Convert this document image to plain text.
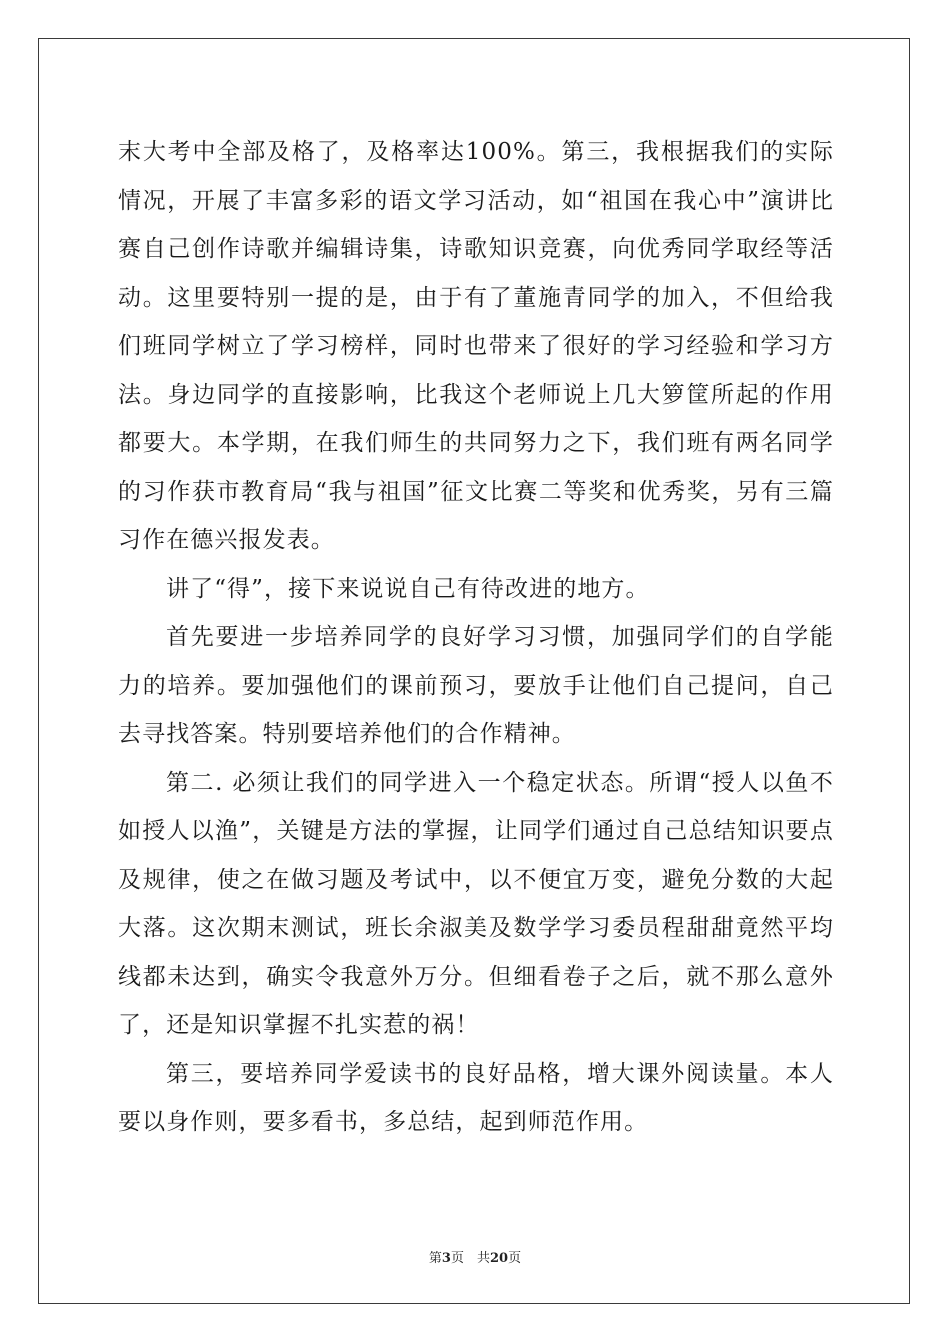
末大考中全部及格了，及格率达100%。第三，我根据我们的实际情况，开展了丰富多彩的语文学习活动，如“祖国在我心中”演讲比赛自己创作诗歌并编辑诗集，诗歌知识竞赛，向优秀同学取经等活动。这里要特别一提的是，由于有了董施青同学的加入，不但给我们班同学树立了学习榜样，同时也带来了很好的学习经验和学习方法。身边同学的直接影响，比我这个老师说上几大箩筐所起的作用都要大。本学期，在我们师生的共同努力之下，我们班有两名同学的习作获市教育局“我与祖国”征文比赛二等奖和优秀奖，另有三篇习作在德兴报发表。

讲了“得”，接下来说说自己有待改进的地方。

首先要进一步培养同学的良好学习习惯，加强同学们的自学能力的培养。要加强他们的课前预习，要放手让他们自己提问，自己去寻找答案。特别要培养他们的合作精神。

第二. 必须让我们的同学进入一个稳定状态。所谓“授人以鱼不如授人以渔”，关键是方法的掌握，让同学们通过自己总结知识要点及规律，使之在做习题及考试中，以不便宜万变，避免分数的大起大落。这次期末测试，班长余淑美及数学学习委员程甜甜竟然平均线都未达到，确实令我意外万分。但细看卷子之后，就不那么意外了，还是知识掌握不扎实惹的祸！

第三，要培养同学爱读书的良好品格，增大课外阅读量。本人要以身作则，要多看书，多总结，起到师范作用。

第3页　共20页
